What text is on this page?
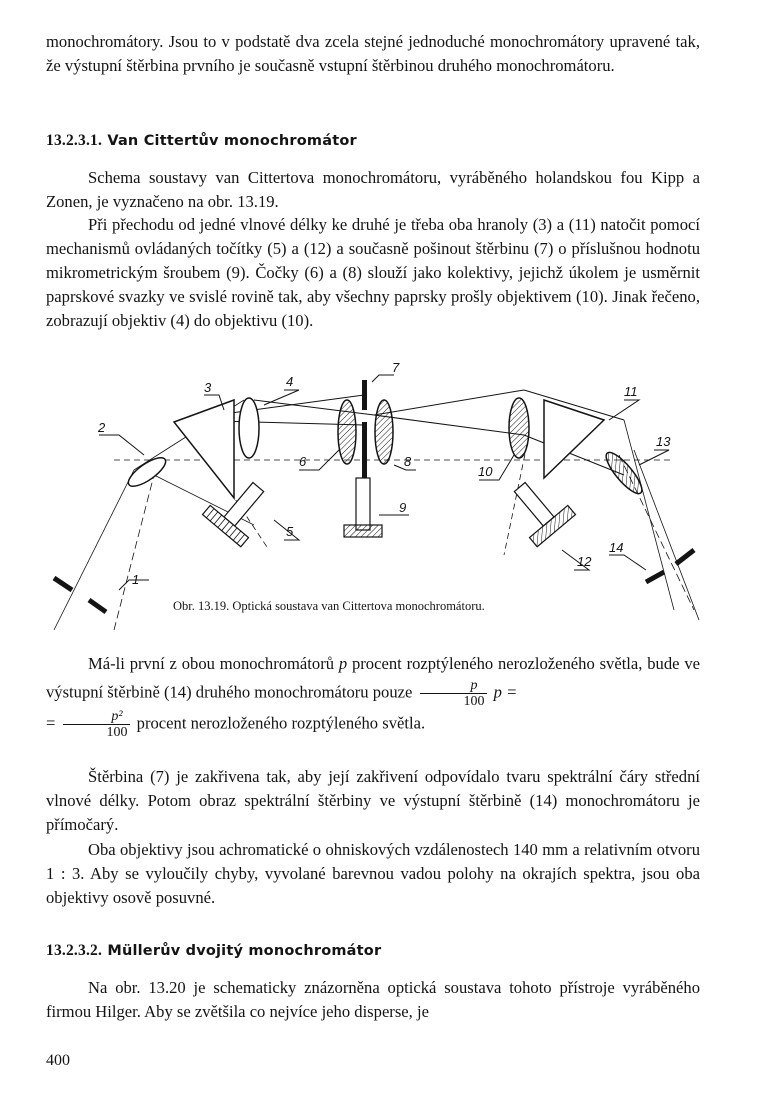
monochromátory. Jsou to v podstatě dva zcela stejné jednoduché monochromátory upravené tak, že výstupní štěrbina prvního je současně vstupní štěrbinou druhého monochromátoru.

13.2.3.1. Van Cittertův monochromátor

Schema soustavy van Cittertova monochromátoru, vyráběného holandskou fou Kipp a Zonen, je vyznačeno na obr. 13.19.

Při přechodu od jedné vlnové délky ke druhé je třeba oba hranoly (3) a (11) natočit pomocí mechanismů ovládaných točítky (5) a (12) a současně pošinout štěrbinu (7) o příslušnou hodnotu mikrometrickým šroubem (9). Čočky (6) a (8) slouží jako kolektivy, jejichž úkolem je usměrnit paprskové svazky ve svislé rovině tak, aby všechny paprsky prošly objektivem (10). Jinak řečeno, zobrazují objektiv (4) do objektivu (10).

1
2
3	4
5
6
7
8
9
10
11
12
13
14

Obr. 13.19. Optická soustava van Cittertova monochromátoru.

Má-li první z obou monochromátorů p procent rozptýleného nerozloženého světla, bude ve výstupní štěrbině (14) druhého monochromátoru pouze $\frac{p}{100}$ p =
= $\frac{\text{p²}}{100}$ procent nerozloženého rozptýleného světla.

Štěrbina (7) je zakřivena tak, aby její zakřivení odpovídalo tvaru spektrální čáry střední vlnové délky. Potom obraz spektrální štěrbiny ve výstupní štěrbině (14) monochromátoru je přímočarý.

Oba objektivy jsou achromatické o ohniskových vzdálenostech 140 mm a relativním otvoru 1 : 3. Aby se vyloučily chyby, vyvolané barevnou vadou polohy na okrajích spektra, jsou oba objektivy osově posuvné.

13.2.3.2. Müllerův dvojitý monochromátor

Na obr. 13.20 je schematicky znázorněna optická soustava tohoto přístroje vyráběného firmou Hilger. Aby se zvětšila co nejvíce jeho disperse, je

400
